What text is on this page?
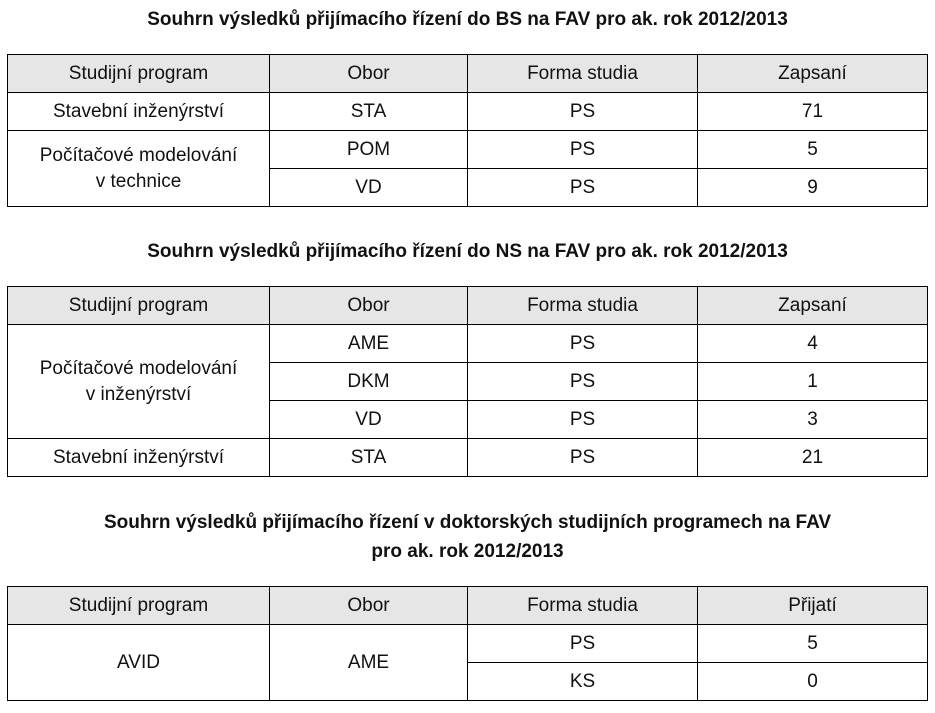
Souhrn výsledků přijímacího řízení do BS na FAV pro ak. rok 2012/2013
Studijní program	Obor	Forma studia	Zapsaní
Stavební inženýrství	STA	PS	71

Počítačové modelování
v technice	POM	PS	5
	VD	PS	9
Souhrn výsledků přijímacího řízení do NS na FAV pro ak. rok 2012/2013
Studijní program	Obor	Forma studia	Zapsaní

Počítačové modelování
v inženýrství	AME	PS	4
	DKM	PS	1
	VD	PS	3
Stavební inženýrství	STA	PS	21
Souhrn výsledků přijímacího řízení v doktorských studijních programech na FAV
pro ak. rok 2012/2013
Studijní program	Obor	Forma studia	Přijatí
AVID	AME	PS	5
		KS	0
